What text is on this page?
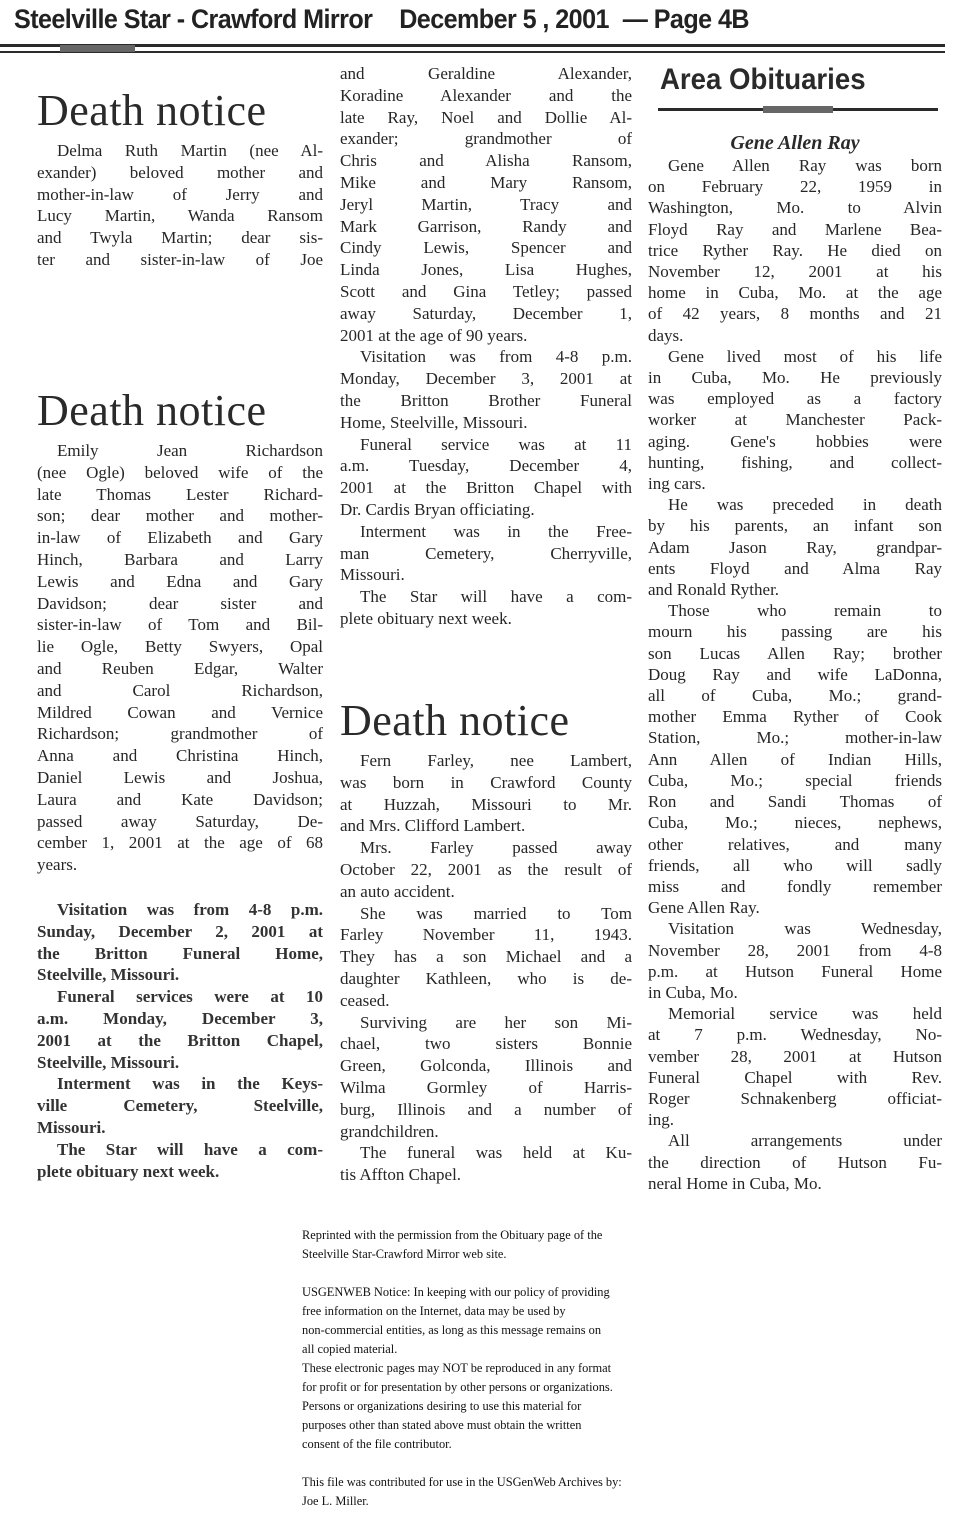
Steelville Star - Crawford Mirror December 5 , 2001 — Page 4B
Death notice
Delma Ruth Martin (nee Al-
exander) beloved mother and
mother-in-law of Jerry and
Lucy Martin, Wanda Ransom
and Twyla Martin; dear sis-
ter and sister-in-law of Joe
Death notice
Emily Jean Richardson
(nee Ogle) beloved wife of the
late Thomas Lester Richard-
son; dear mother and mother-
in-law of Elizabeth and Gary
Hinch, Barbara and Larry
Lewis and Edna and Gary
Davidson; dear sister and
sister-in-law of Tom and Bil-
lie Ogle, Betty Swyers, Opal
and Reuben Edgar, Walter
and Carol Richardson,
Mildred Cowan and Vernice
Richardson; grandmother of
Anna and Christina Hinch,
Daniel Lewis and Joshua,
Laura and Kate Davidson;
passed away Saturday, De-
cember 1, 2001 at the age of 68
years.
Visitation was from 4-8 p.m.
Sunday, December 2, 2001 at
the Britton Funeral Home,
Steelville, Missouri.
Funeral services were at 10
a.m. Monday, December 3,
2001 at the Britton Chapel,
Steelville, Missouri.
Interment was in the Keys-
ville Cemetery, Steelville,
Missouri.
The Star will have a com-
plete obituary next week.
and Geraldine Alexander,
Koradine Alexander and the
late Ray, Noel and Dollie Al-
exander; grandmother of
Chris and Alisha Ransom,
Mike and Mary Ransom,
Jeryl Martin, Tracy and
Mark Garrison, Randy and
Cindy Lewis, Spencer and
Linda Jones, Lisa Hughes,
Scott and Gina Tetley; passed
away Saturday, December 1,
2001 at the age of 90 years.
Visitation was from 4-8 p.m.
Monday, December 3, 2001 at
the Britton Brother Funeral
Home, Steelville, Missouri.
Funeral service was at 11
a.m. Tuesday, December 4,
2001 at the Britton Chapel with
Dr. Cardis Bryan officiating.
Interment was in the Free-
man Cemetery, Cherryville,
Missouri.
The Star will have a com-
plete obituary next week.
Death notice
Fern Farley, nee Lambert,
was born in Crawford County
at Huzzah, Missouri to Mr.
and Mrs. Clifford Lambert.
Mrs. Farley passed away
October 22, 2001 as the result of
an auto accident.
She was married to Tom
Farley November 11, 1943.
They has a son Michael and a
daughter Kathleen, who is de-
ceased.
Surviving are her son Mi-
chael, two sisters Bonnie
Green, Golconda, Illinois and
Wilma Gormley of Harris-
burg, Illinois and a number of
grandchildren.
The funeral was held at Ku-
tis Affton Chapel.
Area Obituaries
Gene Allen Ray
Gene Allen Ray was born
on February 22, 1959 in
Washington, Mo. to Alvin
Floyd Ray and Marlene Bea-
trice Ryther Ray. He died on
November 12, 2001 at his
home in Cuba, Mo. at the age
of 42 years, 8 months and 21
days.
Gene lived most of his life
in Cuba, Mo. He previously
was employed as a factory
worker at Manchester Pack-
aging. Gene's hobbies were
hunting, fishing, and collect-
ing cars.
He was preceded in death
by his parents, an infant son
Adam Jason Ray, grandpar-
ents Floyd and Alma Ray
and Ronald Ryther.
Those who remain to
mourn his passing are his
son Lucas Allen Ray; brother
Doug Ray and wife LaDonna,
all of Cuba, Mo.; grand-
mother Emma Ryther of Cook
Station, Mo.; mother-in-law
Ann Allen of Indian Hills,
Cuba, Mo.; special friends
Ron and Sandi Thomas of
Cuba, Mo.; nieces, nephews,
other relatives, and many
friends, all who will sadly
miss and fondly remember
Gene Allen Ray.
Visitation was Wednesday,
November 28, 2001 from 4-8
p.m. at Hutson Funeral Home
in Cuba, Mo.
Memorial service was held
at 7 p.m. Wednesday, No-
vember 28, 2001 at Hutson
Funeral Chapel with Rev.
Roger Schnakenberg officiat-
ing.
All arrangements under
the direction of Hutson Fu-
neral Home in Cuba, Mo.
Reprinted with the permission from the Obituary page of the
Steelville Star-Crawford Mirror web site.
USGENWEB Notice: In keeping with our policy of providing
free information on the Internet, data may be used by
non-commercial entities, as long as this message remains on
all copied material.
These electronic pages may NOT be reproduced in any format
for profit or for presentation by other persons or organizations.
Persons or organizations desiring to use this material for
purposes other than stated above must obtain the written
consent of the file contributor.
This file was contributed for use in the USGenWeb Archives by:
Joe L. Miller.
